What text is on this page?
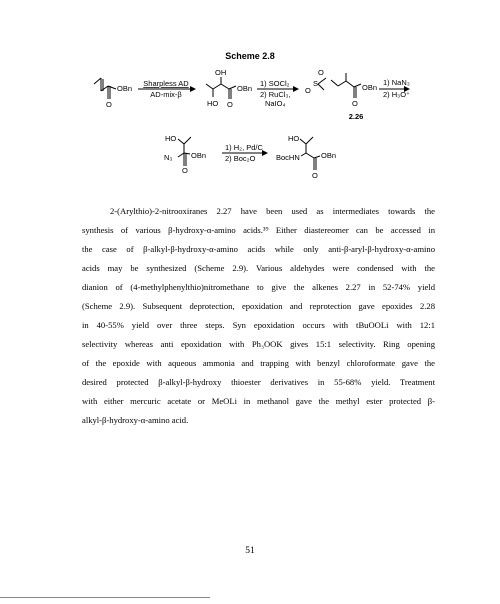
Scheme 2.8
OBn
O
Sharpless AD
AD-mix-β
OH
HO O
OBn
1) SOCl₂
2) RuCl₃,
NaIO₄
O
S
O	OBn
O
2.26
1) NaN₃
2) H₃O⁺
HO
N₃ OBn
O
1) H₂, Pd/C
2) Boc₂O
HO
BocHN	OBn
O
2-(Arylthio)-2-nitrooxiranes 2.27 have been used as intermediates towards the
synthesis of various β-hydroxy-α-amino acids.³⁹ Either diastereomer can be accessed in
the case of β-alkyl-β-hydroxy-α-amino acids while only anti-β-aryl-β-hydroxy-α-amino
acids may be synthesized (Scheme 2.9). Various aldehydes were condensed with the
dianion of (4-methylphenylthio)nitromethane to give the alkenes 2.27 in 52-74% yield
(Scheme 2.9). Subsequent deprotection, epoxidation and reprotection gave epoxides 2.28
in 40-55% yield over three steps. Syn epoxidation occurs with tBuOOLi with 12:1
selectivity whereas anti epoxidation with Ph₃OOK gives 15:1 selectivity. Ring opening
of the epoxide with aqueous ammonia and trapping with benzyl chloroformate gave the
desired protected β-alkyl-β-hydroxy thioester derivatives in 55-68% yield. Treatment
with either mercuric acetate or MeOLi in methanol gave the methyl ester protected β-
alkyl-β-hydroxy-α-amino acid.
51
